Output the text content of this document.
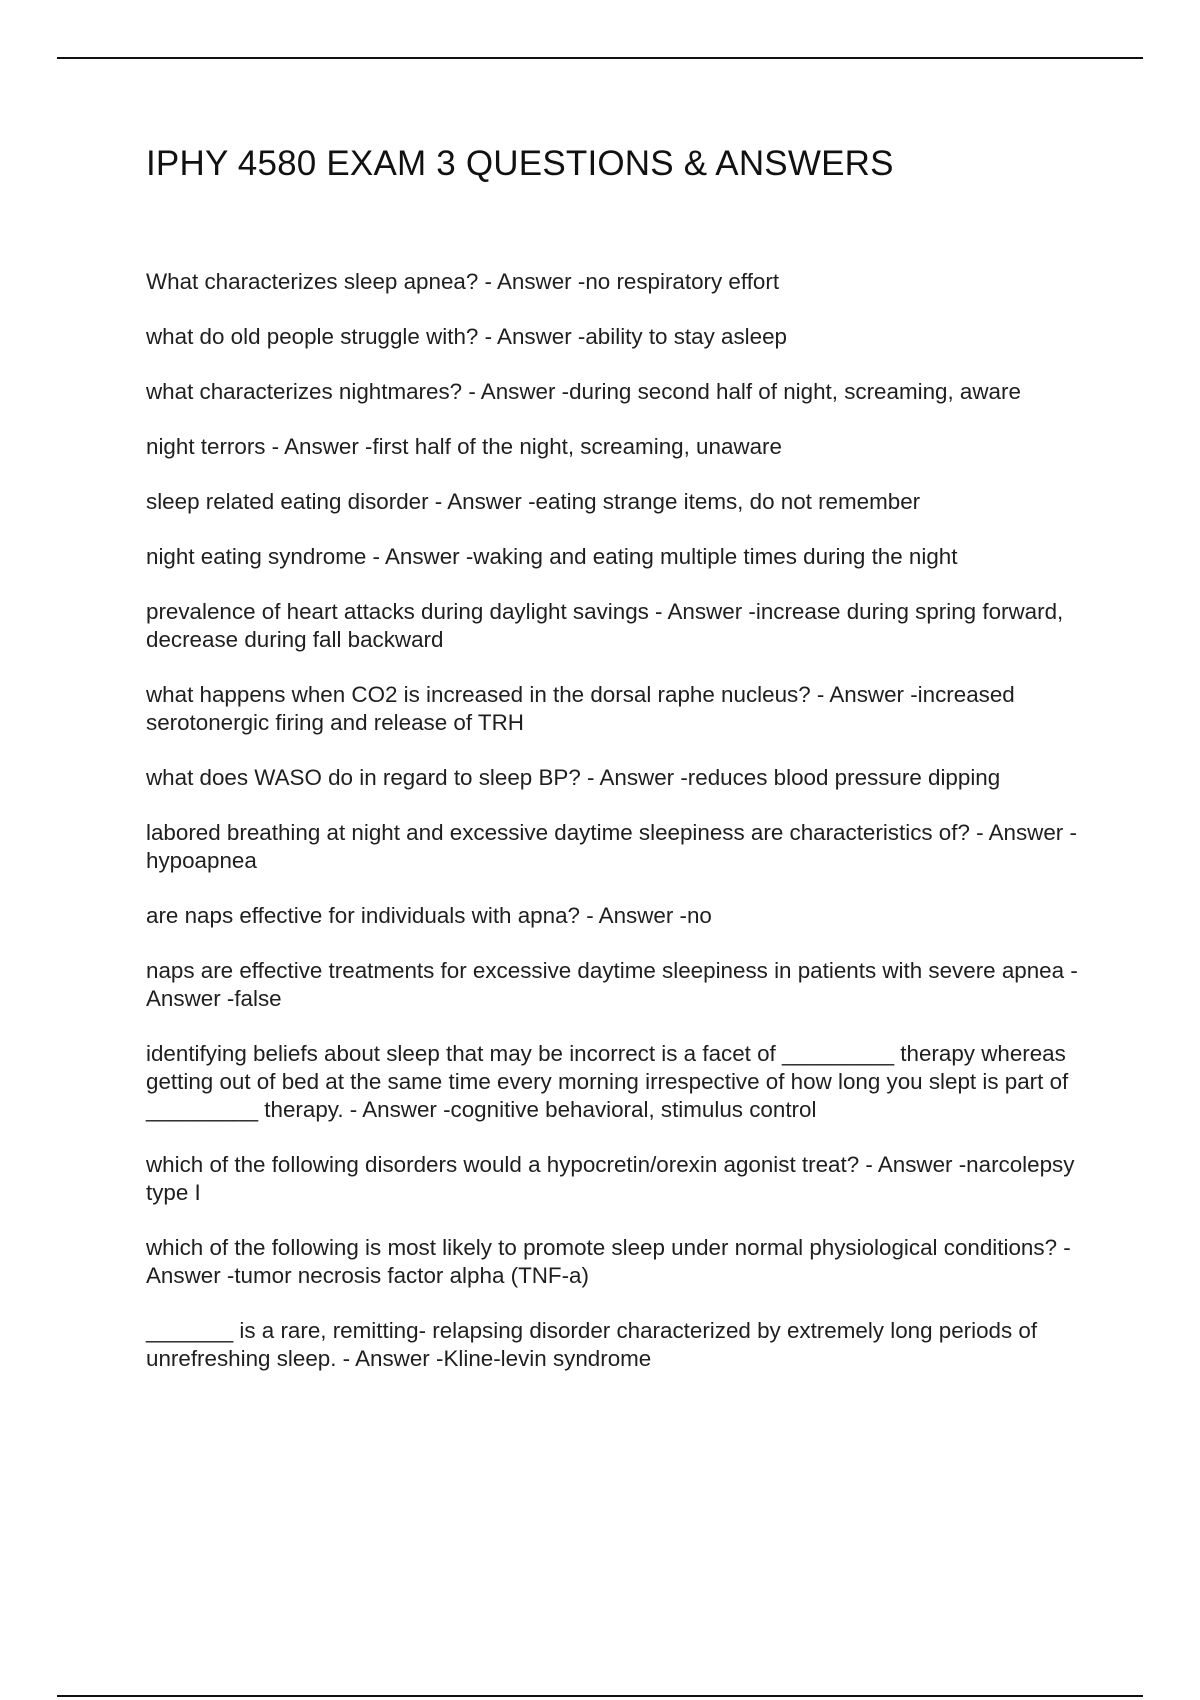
IPHY 4580 EXAM 3 QUESTIONS & ANSWERS
What characterizes sleep apnea? - Answer -no respiratory effort
what do old people struggle with? - Answer -ability to stay asleep
what characterizes nightmares? - Answer -during second half of night, screaming, aware
night terrors - Answer -first half of the night, screaming, unaware
sleep related eating disorder - Answer -eating strange items, do not remember
night eating syndrome - Answer -waking and eating multiple times during the night
prevalence of heart attacks during daylight savings - Answer -increase during spring forward, decrease during fall backward
what happens when CO2 is increased in the dorsal raphe nucleus? - Answer -increased serotonergic firing and release of TRH
what does WASO do in regard to sleep BP? - Answer -reduces blood pressure dipping
labored breathing at night and excessive daytime sleepiness are characteristics of? - Answer -hypoapnea
are naps effective for individuals with apna? - Answer -no
naps are effective treatments for excessive daytime sleepiness in patients with severe apnea - Answer -false
identifying beliefs about sleep that may be incorrect is a facet of _________ therapy whereas getting out of bed at the same time every morning irrespective of how long you slept is part of _________ therapy. - Answer -cognitive behavioral, stimulus control
which of the following disorders would a hypocretin/orexin agonist treat? - Answer -narcolepsy type I
which of the following is most likely to promote sleep under normal physiological conditions? - Answer -tumor necrosis factor alpha (TNF-a)
_______ is a rare, remitting- relapsing disorder characterized by extremely long periods of unrefreshing sleep. - Answer -Kline-levin syndrome
